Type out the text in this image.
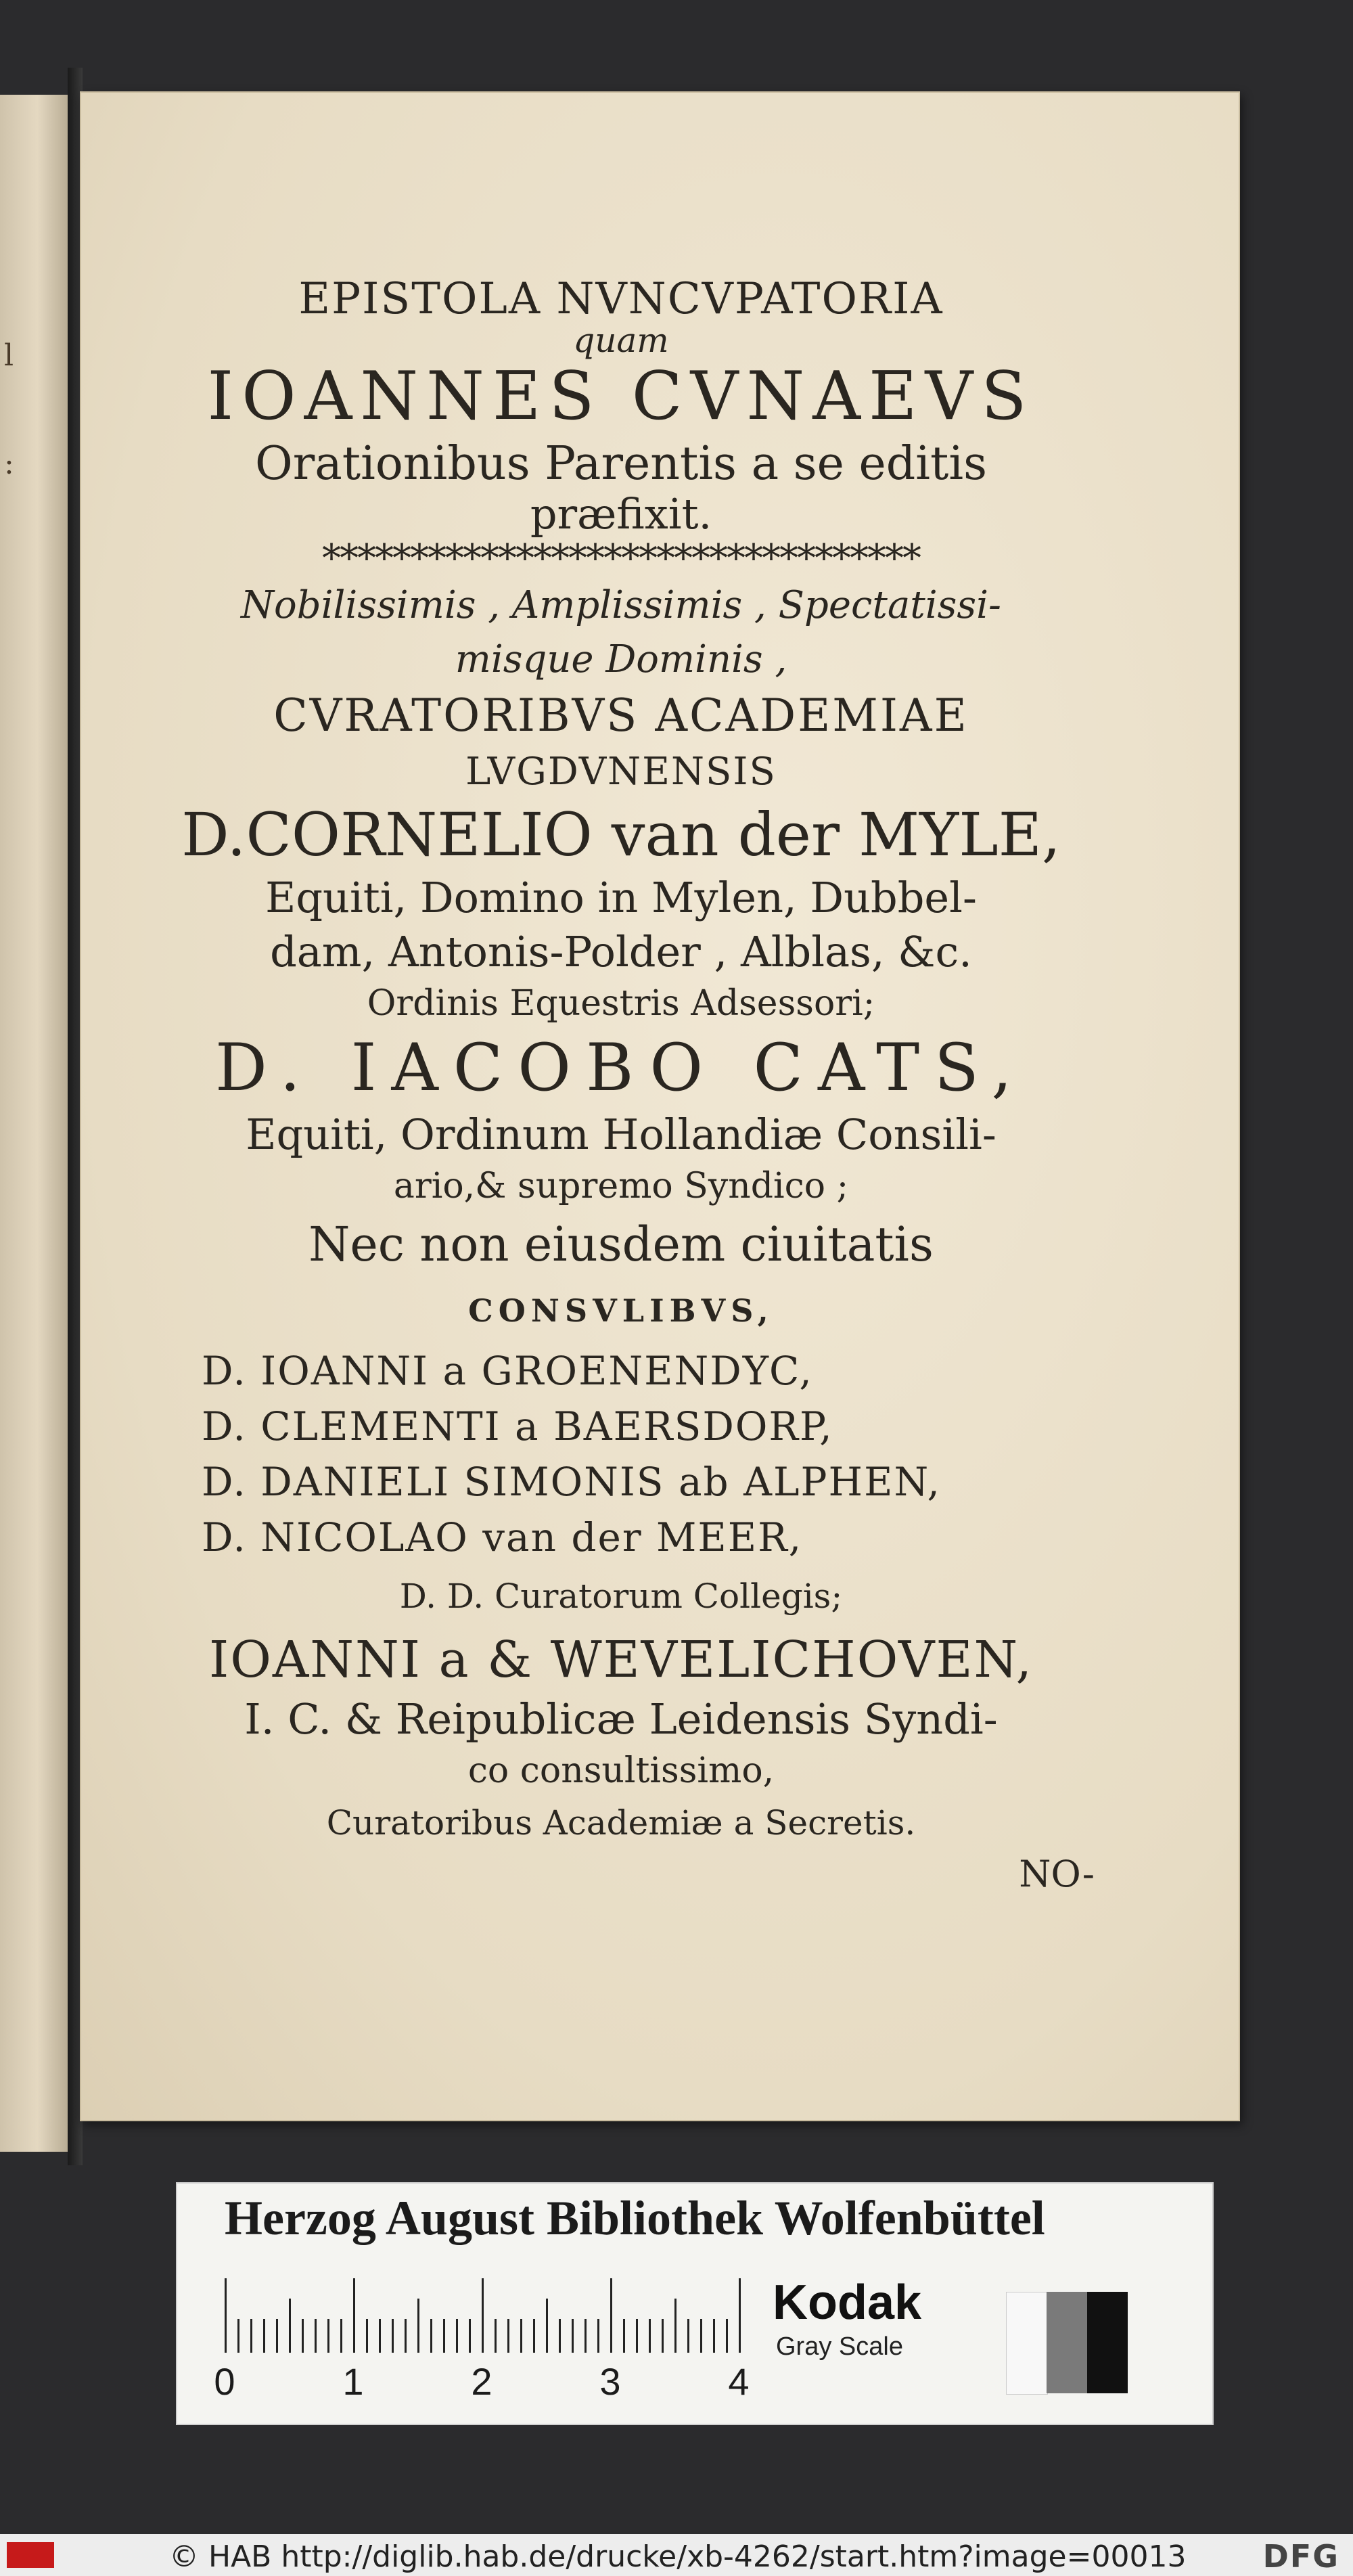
l
:
EPISTOLA NVNCVPATORIA
quam
IOANNES CVNAEVS
Orationibus Parentis a se editis
præfixit.
**********************************
Nobilissimis , Amplissimis , Spectatissi-
misque Dominis ,
CVRATORIBVS ACADEMIAE
LVGDVNENSIS
D.CORNELIO van der MYLE,
Equiti, Domino in Mylen, Dubbel-
dam, Antonis-Polder , Alblas, &c.
Ordinis Equestris Adsessori;
D. IACOBO CATS,
Equiti, Ordinum Hollandiæ Consili-
ario,& supremo Syndico ;
Nec non eiusdem ciuitatis
CONSVLIBVS,
D. IOANNI a GROENENDYC,
D. CLEMENTI a BAERSDORP,
D. DANIELI SIMONIS ab ALPHEN,
D. NICOLAO van der MEER,
D. D. Curatorum Collegis;
IOANNI a & WEVELICHOVEN,
I. C. & Reipublicæ Leidensis Syndi-
co consultissimo,
Curatoribus Academiæ a Secretis.
NO-
Herzog August Bibliothek Wolfenbüttel
0	1	2	3	4
Kodak
Gray Scale
© HAB http://diglib.hab.de/drucke/xb-4262/start.htm?image=00013 DFG
